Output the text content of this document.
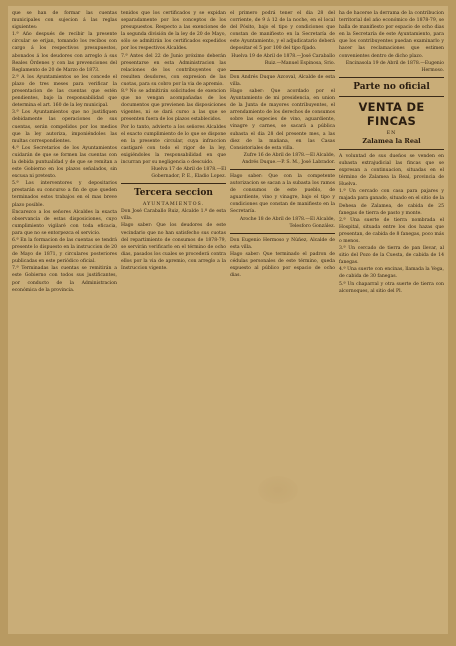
que se han de formar las cuentas municipales con sujecion á las reglas siguientes:

1.ª Año después de recibir la presente circular se erijan, tomando los recibos con cargo á los respectivos presupuestos, abonados á los deudores con arreglo á sus Reales Órdenes y con las prevenciones del Reglamento de 20 de Marzo de 1873.

2.ª A los Ayuntamientos se les concede el plazo de tres meses para verificar la presentacion de las cuentas que estén pendientes, bajo la responsabilidad que determina el art. 160 de la ley municipal.

3.ª Los Ayuntamientos que no justifiquen debidamente las operaciones de sus cuentas, serán compelidos por los medios que la ley autoriza, imponiéndoles las multas correspondientes.

4.ª Los Secretarios de los Ayuntamientos cuidarán de que se formen las cuentas con la debida puntualidad y de que se remitan a este Gobierno en los plazos señalados, sin excusa ni pretexto.

5.ª Los interventores y depositarios prestarán su concurso a fin de que queden terminados estos trabajos en el mas breve plazo posible.

Encarezco a los señores Alcaldes la exacta observancia de estas disposiciones, cuyo cumplimiento vigilaré con toda eficacia, para que no se entorpezca el servicio.

6.ª En la formacion de las cuentas se tendrá presente lo dispuesto en la instruccion de 20 de Mayo de 1871, y circulares posteriores publicadas en este periódico oficial.

7.ª Terminadas las cuentas se remitirán a este Gobierno con todos sus justificantes, por conducto de la Administracion económica de la provincia.

tenidos que los certificados y se expidan separadamente por los conceptos de los presupuestos. Respecto a las exenciones de la segunda división de la ley de 20 de Mayo, sólo se admitirán los certificados expedidos por los respectivos Alcaldes.

7.ª Antes del 22 de Junio próximo deberán presentarse en esta Administracion las relaciones de los contribuyentes que resulten deudores, con expresion de las cuotas, para su cobro por la via de apremio.

8.ª No se admitirán solicitudes de exencion que no vengan acompañadas de los documentos que previenen las disposiciones vigentes, ni se dará curso a las que se presenten fuera de los plazos establecidos.

Por lo tanto, advierto a los señores Alcaldes el exacto cumplimiento de lo que se dispone en la presente circular, cuya infraccion castigaré con todo el rigor de la ley, exigiéndoles la responsabilidad en que incurran por su negligencia o descuido.

Huelva 17 de Abril de 1878.—El Gobernador, P. E., Eladio Lopez.

Tercera seccion
AYUNTAMIENTOS.

Don José Caraballo Ruiz, Alcalde 1.º de esta villa.

Hago saber: Que los deudores de este vecindario que no han satisfecho sus cuotas del repartimiento de consumos de 1878-79, se servirán verificarlo en el término de ocho dias, pasados los cuales se procederá contra ellos por la via de apremio, con arreglo a la Instruccion vigente.

el primero podrá tener el dia 28 del corriente, de 9 á 12 de la noche, en el local del Pósito, bajo el tipo y condiciones que constan de manifiesto en la Secretaría de este Ayuntamiento, y el adjudicatario deberá depositar el 5 por 100 del tipo fijado.

Huelva 19 de Abril de 1878.—José Caraballo Ruiz.—Manuel Espinosa, Srio.

Don Andrés Duque Azcoval, Alcalde de esta villa.

Hago saber: Que acordado por el Ayuntamiento de mi presidencia, en union de la Junta de mayores contribuyentes, el arrendamiento de los derechos de consumos sobre las especies de vino, aguardiente, vinagre y carnes, se sacará a pública subasta el dia 28 del presente mes, a las diez de la mañana, en las Casas Consistoriales de esta villa.

Zufre 16 de Abril de 1878.—El Alcalde, Andrés Duque.—P. S. M., José Labrador.

Hago saber: Que con la competente autorizacion se sacan a la subasta los ramos de consumos de este pueblo, de aguardiente, vino y vinagre, bajo el tipo y condiciones que constan de manifiesto en la Secretaría.

Aroche 18 de Abril de 1878.—El Alcalde, Telesforo González.

Don Eugenio Hermoso y Núñez, Alcalde de esta villa.

Hago saber: Que terminado el padron de cédulas personales de este término, queda expuesto al público por espacio de ocho dias.

ha de hacerse la derrama de la contribucion territorial del año económico de 1878-79, se halla de manifiesto por espacio de ocho dias en la Secretaría de este Ayuntamiento, para que los contribuyentes puedan examinarlo y hacer las reclamaciones que estimen convenientes dentro de dicho plazo.

Encinasola 19 de Abril de 1878.—Eugenio Hermoso.

Parte no oficial
VENTA DE FINCAS
EN
Zalamea la Real

A voluntad de sus dueños se venden en subasta extrajudicial las fincas que se expresan a continuacion, situadas en el término de Zalamea la Real, provincia de Huelva.

1.ª Un cercado con casa para pajares y majada para ganado, situado en el sitio de la Dehesa de Zalamea, de cabida de 25 fanegas de tierra de pasto y monte.

2.ª Una suerte de tierra nombrada el Hospital, situada entre los dos hazas que presentan, de cabida de 8 fanegas, poco más o menos.

3.ª Un cercado de tierra de pan llevar, al sitio del Pozo de la Cuesta, de cabida de 14 fanegas.

4.ª Una suerte con encinas, llamada la Vega, de cabida de 30 fanegas.

5.ª Un chaparral y otra suerte de tierra con alcornoques, al sitio del Pl.
